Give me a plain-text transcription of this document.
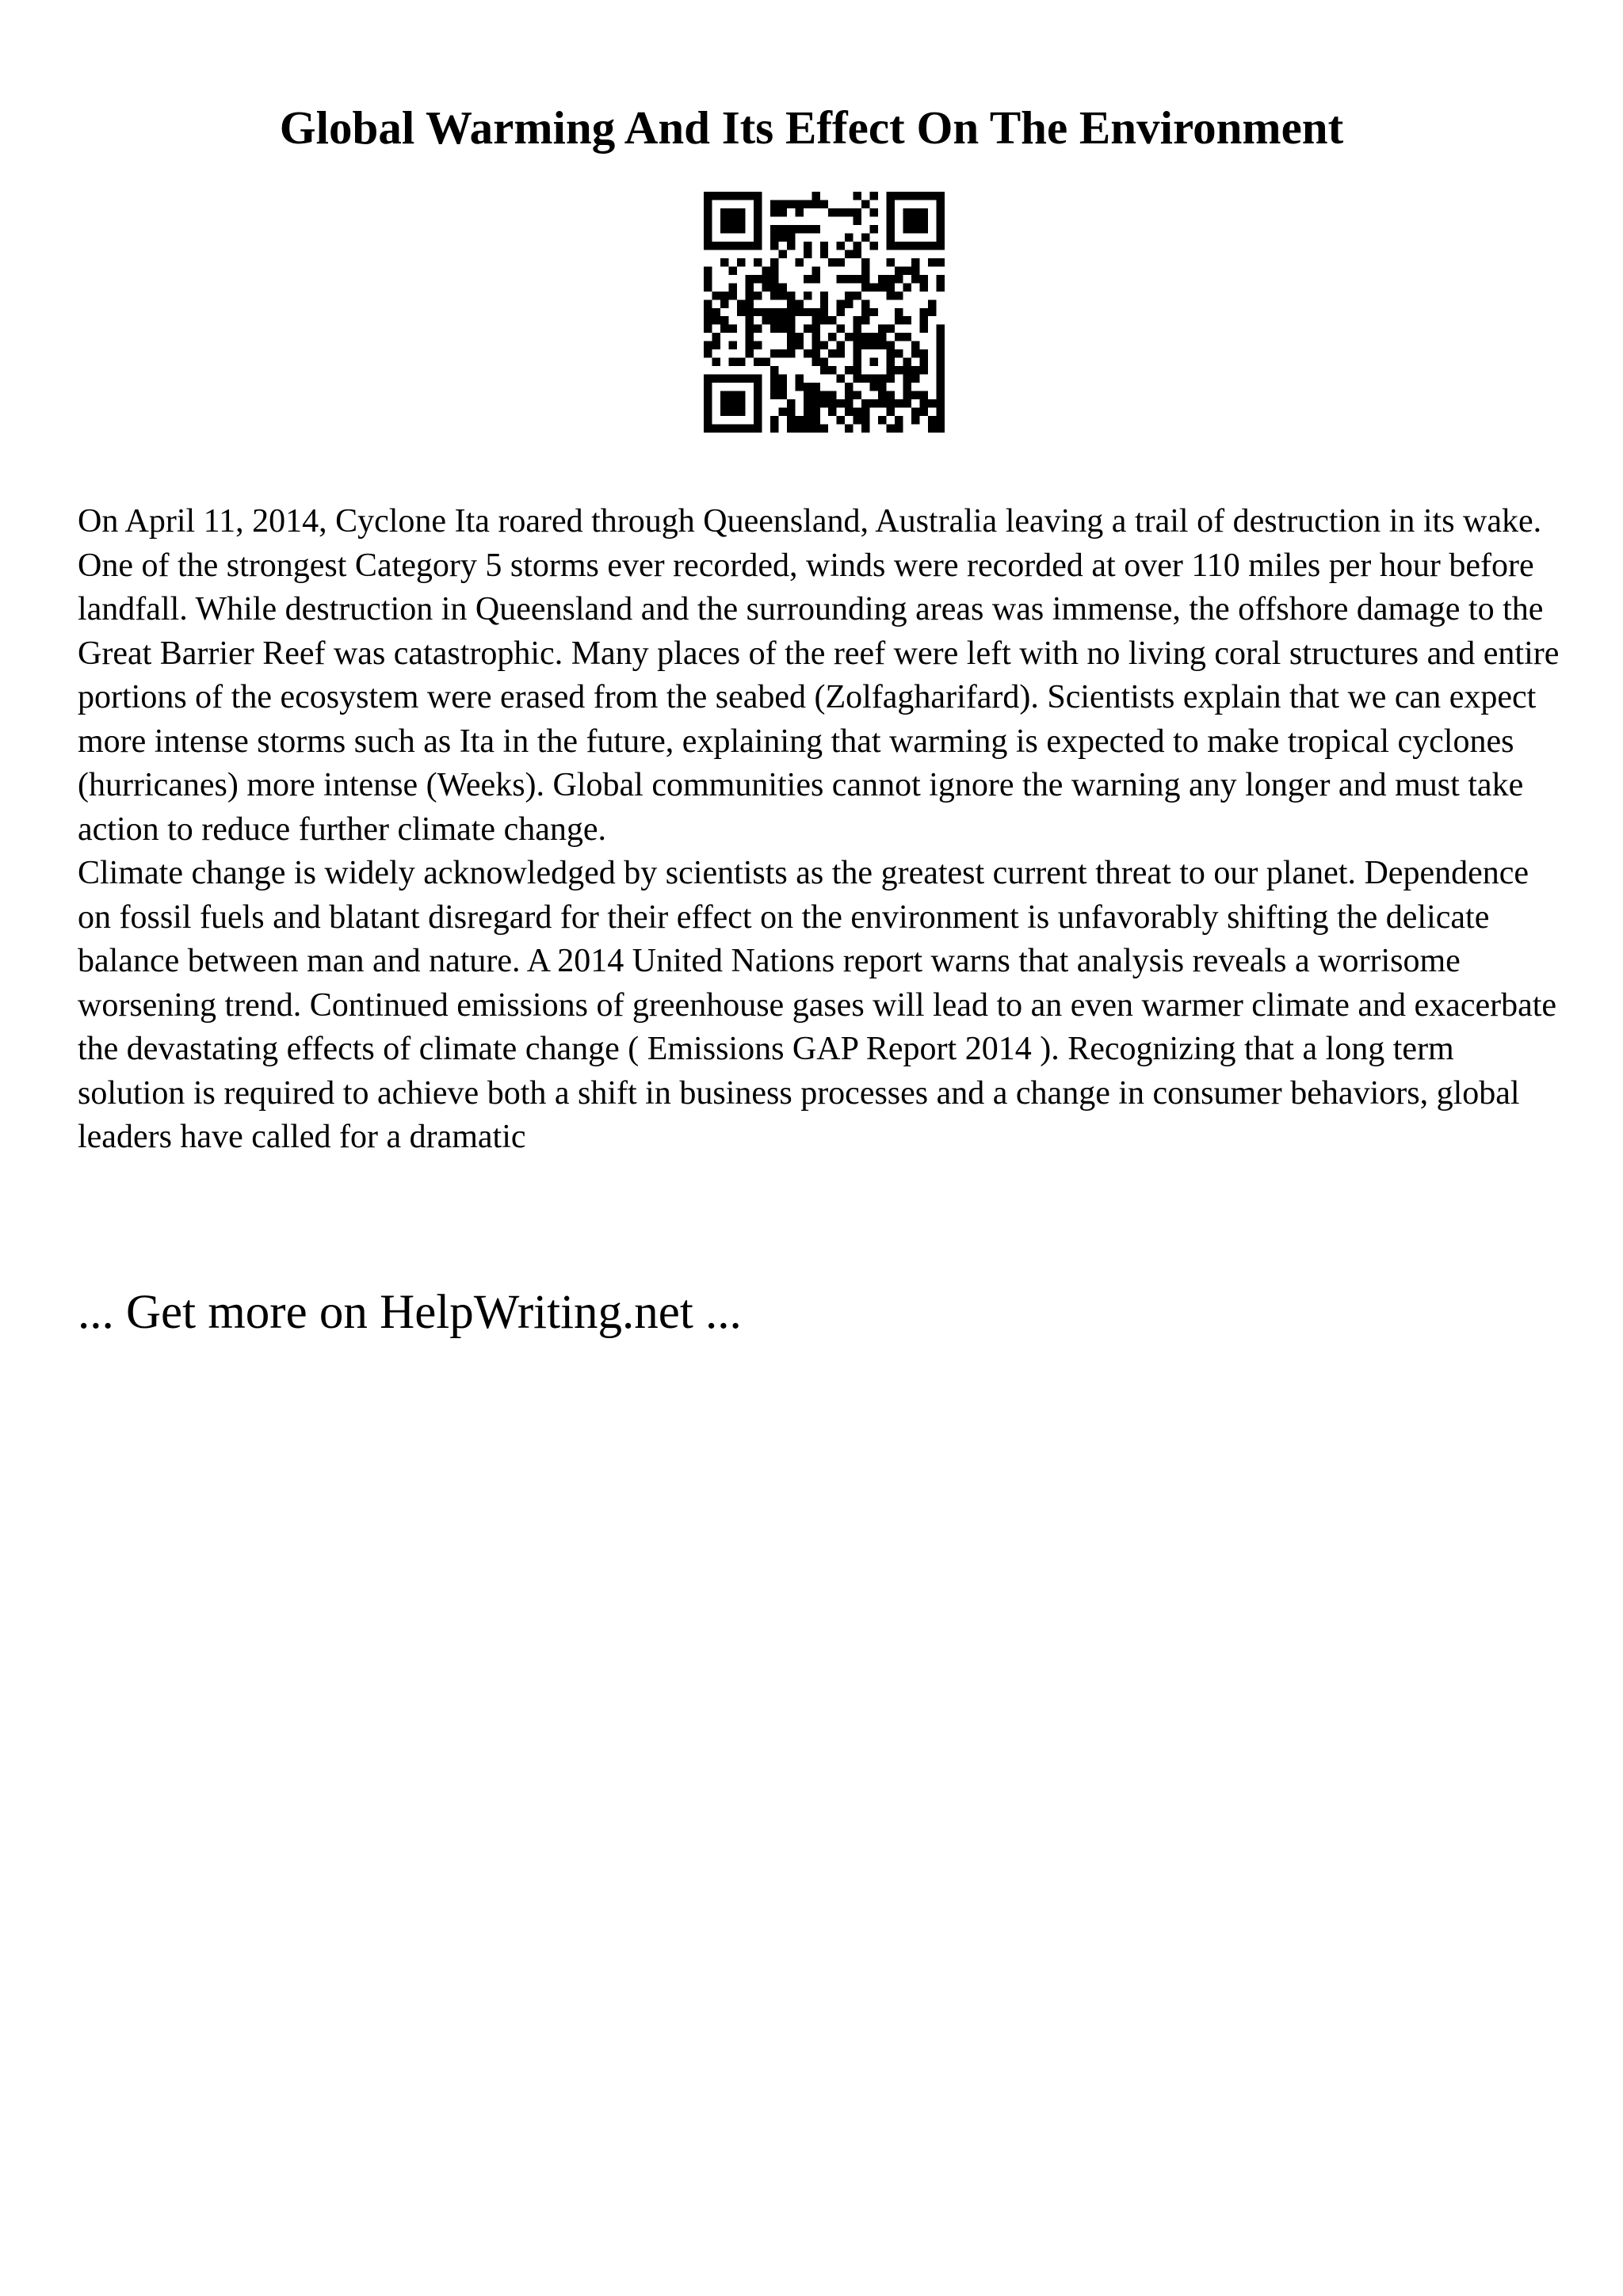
Global Warming And Its Effect On The Environment

On April 11, 2014, Cyclone Ita roared through Queensland, Australia leaving a trail of destruction in its wake. One of the strongest Category 5 storms ever recorded, winds were recorded at over 110 miles per hour before landfall. While destruction in Queensland and the surrounding areas was immense, the offshore damage to the Great Barrier Reef was catastrophic. Many places of the reef were left with no living coral structures and entire portions of the ecosystem were erased from the seabed (Zolfagharifard). Scientists explain that we can expect more intense storms such as Ita in the future, explaining that warming is expected to make tropical cyclones (hurricanes) more intense (Weeks). Global communities cannot ignore the warning any longer and must take action to reduce further climate change.

Climate change is widely acknowledged by scientists as the greatest current threat to our planet. Dependence on fossil fuels and blatant disregard for their effect on the environment is unfavorably shifting the delicate balance between man and nature. A 2014 United Nations report warns that analysis reveals a worrisome worsening trend. Continued emissions of greenhouse gases will lead to an even warmer climate and exacerbate the devastating effects of climate change ( Emissions GAP Report 2014 ). Recognizing that a long term solution is required to achieve both a shift in business processes and a change in consumer behaviors, global leaders have called for a dramatic

... Get more on HelpWriting.net ...
